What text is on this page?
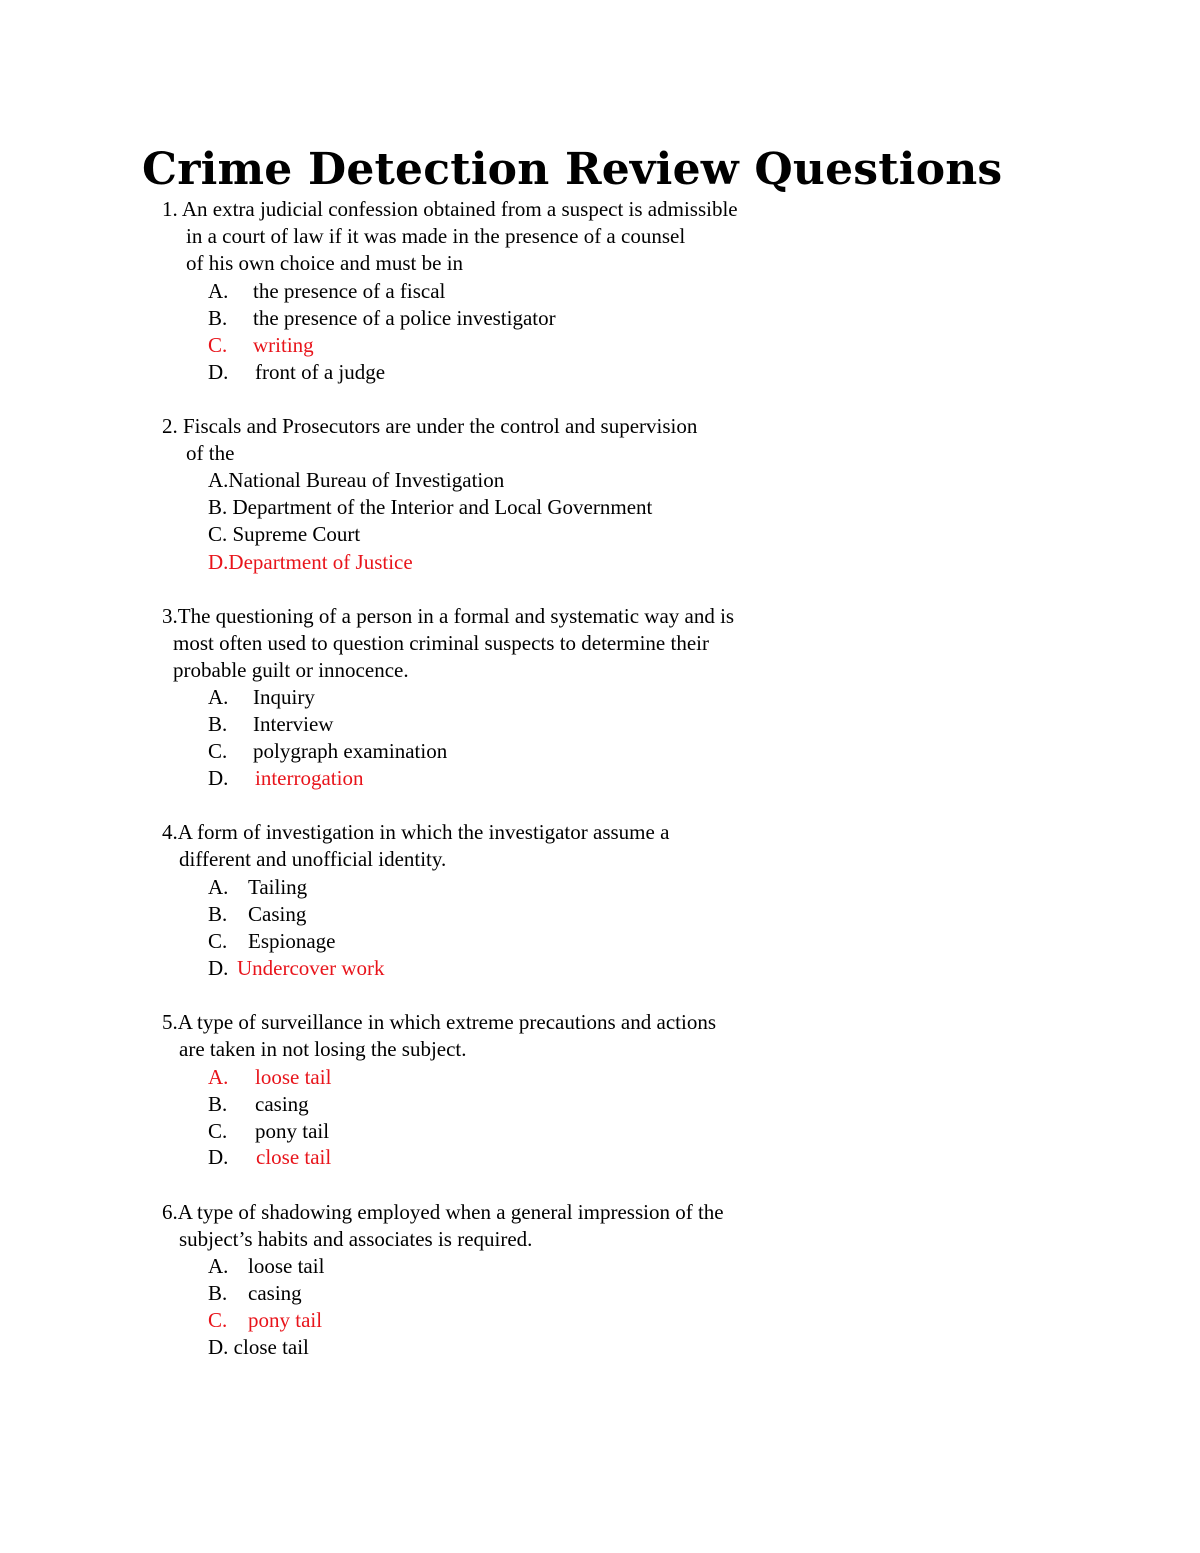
Crime Detection Review Questions
1. An extra judicial confession obtained from a suspect is admissible
in a court of law if it was made in the presence of a counsel
of his own choice and must be in
A. the presence of a fiscal
B. the presence of a police investigator
C. writing
D. front of a judge
2. Fiscals and Prosecutors are under the control and supervision
of the
A.National Bureau of Investigation
B. Department of the Interior and Local Government
C. Supreme Court
D.Department of Justice
3.The questioning of a person in a formal and systematic way and is
most often used to question criminal suspects to determine their
probable guilt or innocence.
A. Inquiry
B. Interview
C. polygraph examination
D. interrogation
4.A form of investigation in which the investigator assume a
different and unofficial identity.
A. Tailing
B. Casing
C. Espionage
D. Undercover work
5.A type of surveillance in which extreme precautions and actions
are taken in not losing the subject.
A. loose tail
B. casing
C. pony tail
D. close tail
6.A type of shadowing employed when a general impression of the
subject’s habits and associates is required.
A. loose tail
B. casing
C. pony tail
D. close tail
